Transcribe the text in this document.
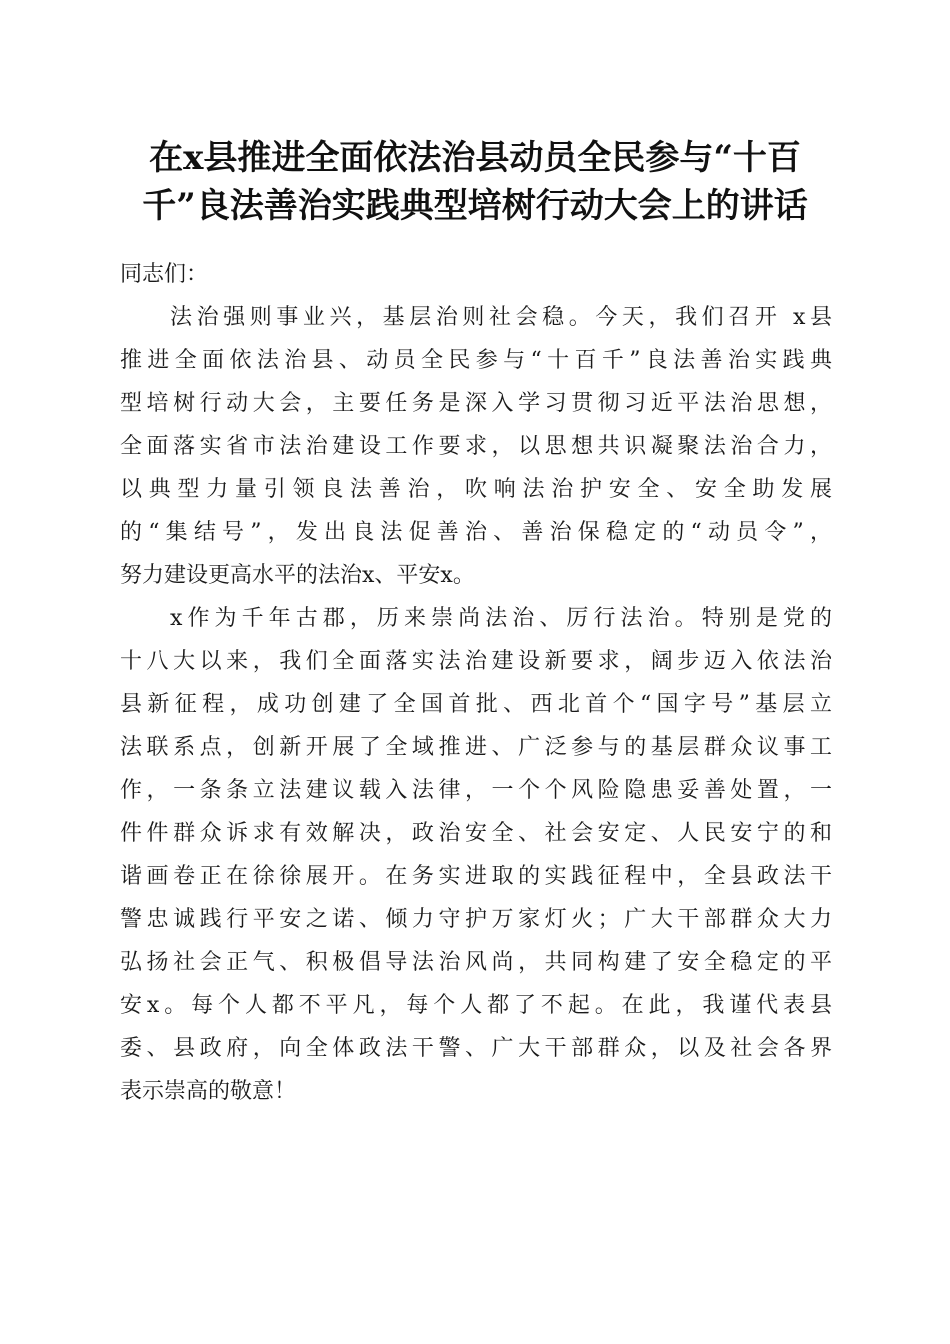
在x县推进全面依法治县动员全民参与“十百
千”良法善治实践典型培树行动大会上的讲话

同志们：

法治强则事业兴，基层治则社会稳。今天，我们召开 x县
推进全面依法治县、动员全民参与“十百千”良法善治实践典
型培树行动大会，主要任务是深入学习贯彻习近平法治思想，
全面落实省市法治建设工作要求，以思想共识凝聚法治合力，
以典型力量引领良法善治，吹响法治护安全、安全助发展
的“集结号”，发出良法促善治、善治保稳定的“动员令”，
努力建设更高水平的法治x、平安x。

x作为千年古郡，历来崇尚法治、厉行法治。特别是党的
十八大以来，我们全面落实法治建设新要求，阔步迈入依法治
县新征程，成功创建了全国首批、西北首个“国字号”基层立
法联系点，创新开展了全域推进、广泛参与的基层群众议事工
作，一条条立法建议载入法律，一个个风险隐患妥善处置，一
件件群众诉求有效解决，政治安全、社会安定、人民安宁的和
谐画卷正在徐徐展开。在务实进取的实践征程中，全县政法干
警忠诚践行平安之诺、倾力守护万家灯火；广大干部群众大力
弘扬社会正气、积极倡导法治风尚，共同构建了安全稳定的平
安x。每个人都不平凡，每个人都了不起。在此，我谨代表县
委、县政府，向全体政法干警、广大干部群众，以及社会各界
表示崇高的敬意！
